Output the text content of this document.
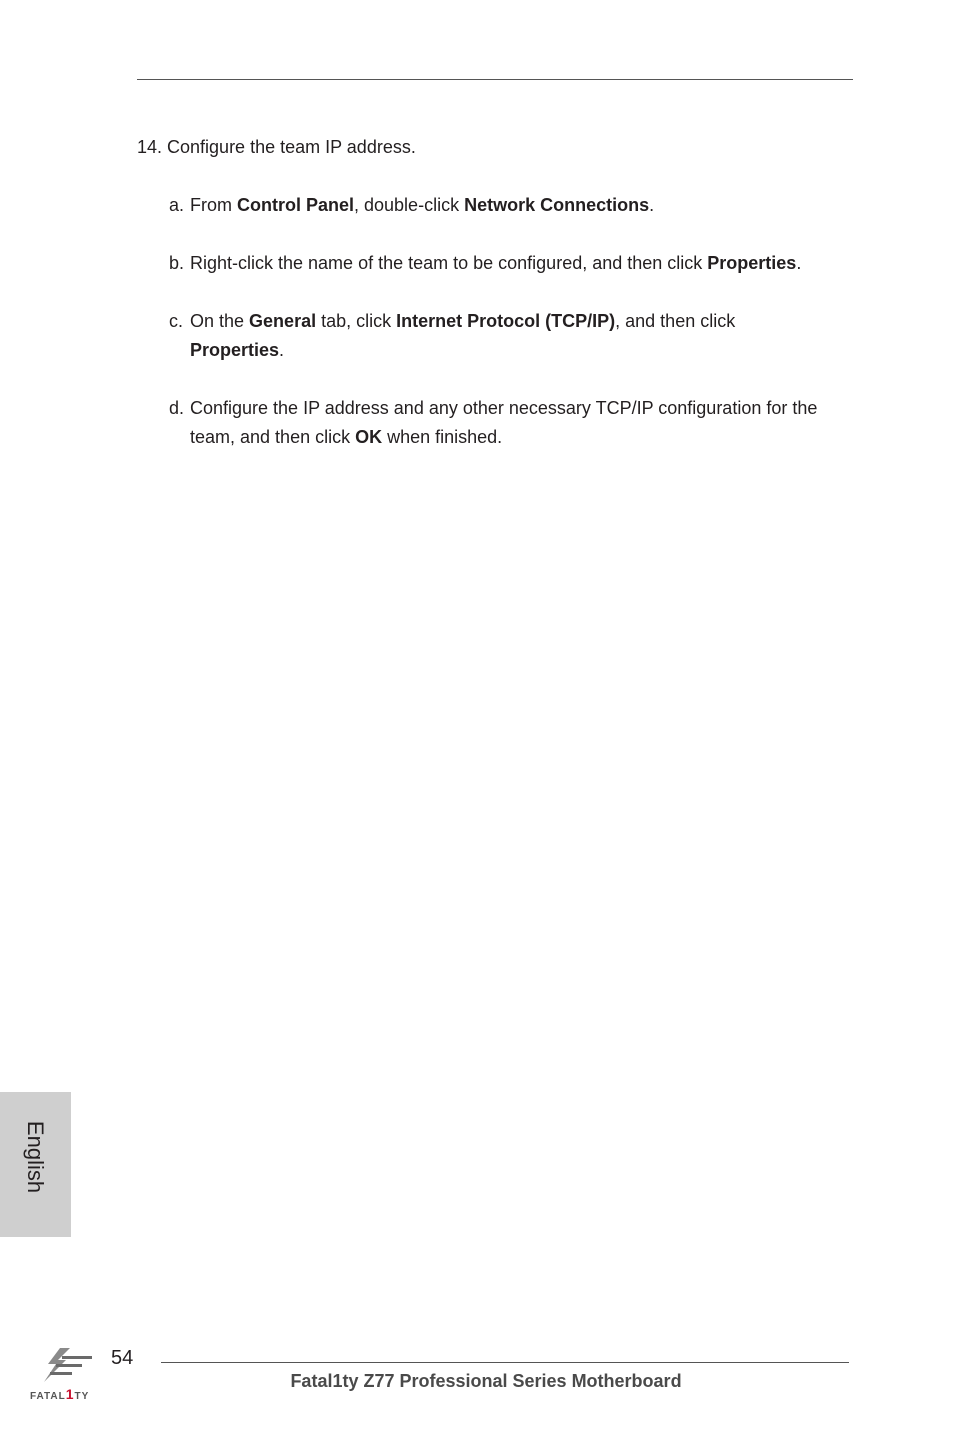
14. Configure the team IP address.

a. From Control Panel, double-click Network Connections.
b. Right-click the name of the team to be configured, and then click Properties.
c. On the General tab, click Internet Protocol (TCP/IP), and then click
Properties.
d. Configure the IP address and any other necessary TCP/IP configuration for the team, and then click OK when finished.
English
FATAL1TY
54
Fatal1ty Z77 Professional Series Motherboard
